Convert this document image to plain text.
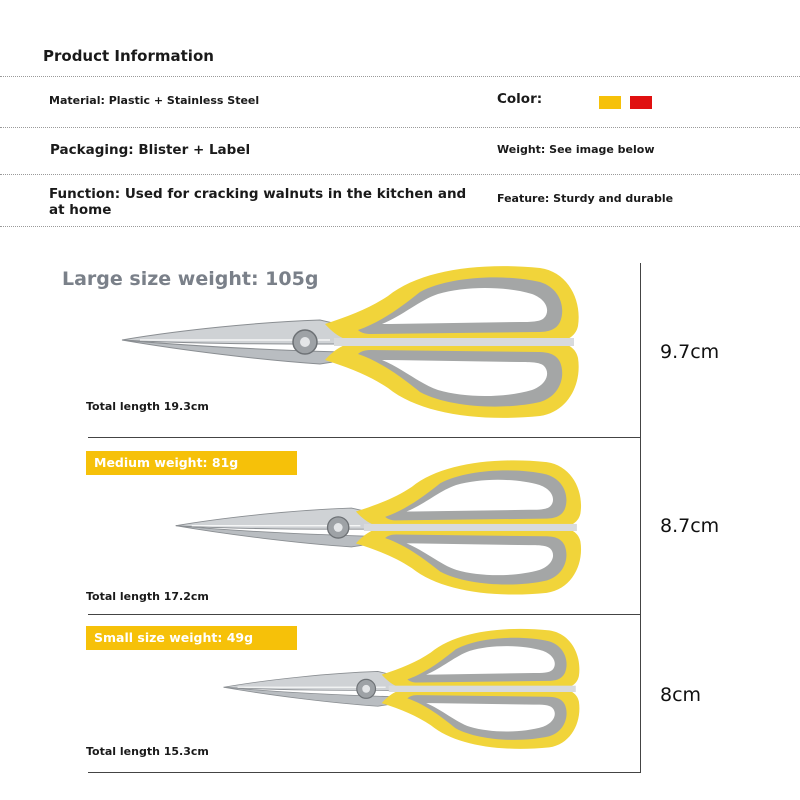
Product Information
Material: Plastic + Stainless Steel	Color:
Packaging: Blister + Label	Weight: See image below
Function: Used for cracking walnuts in the kitchen and at home
Feature: Sturdy and durable
Large size weight: 105g
Total length 19.3cm
9.7cm
Medium weight: 81g
Total length 17.2cm
8.7cm
Small size weight: 49g
Total length 15.3cm
8cm
